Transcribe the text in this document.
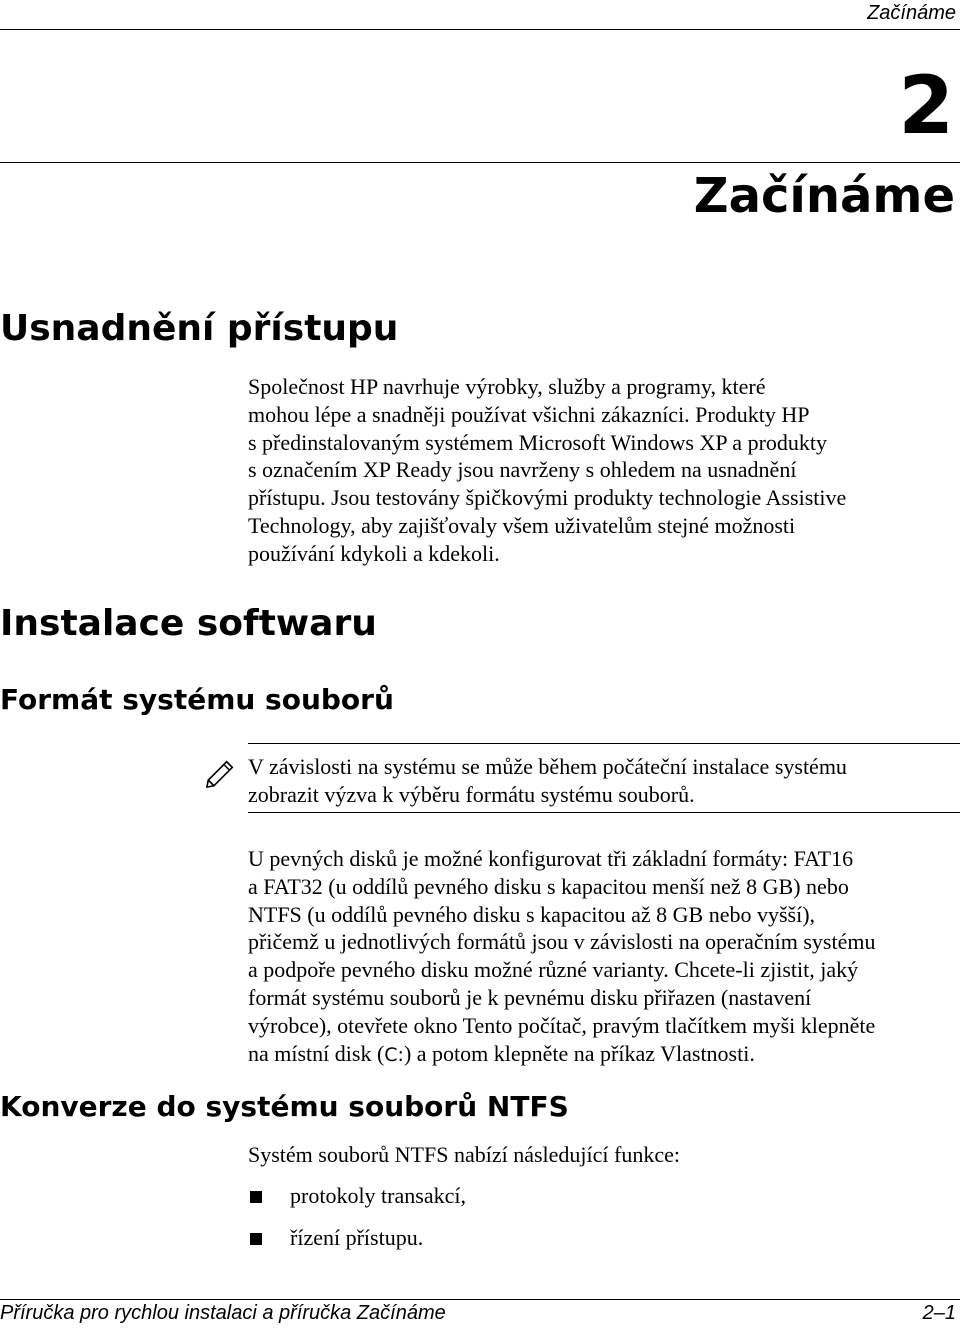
Začínáme
2
Začínáme
Usnadnění přístupu
Společnost HP navrhuje výrobky, služby a programy, které
mohou lépe a snadněji používat všichni zákazníci. Produkty HP
s předinstalovaným systémem Microsoft Windows XP a produkty
s označením XP Ready jsou navrženy s ohledem na usnadnění
přístupu. Jsou testovány špičkovými produkty technologie Assistive
Technology, aby zajišťovaly všem uživatelům stejné možnosti
používání kdykoli a kdekoli.
Instalace softwaru
Formát systému souborů
V závislosti na systému se může během počáteční instalace systému
zobrazit výzva k výběru formátu systému souborů.
U pevných disků je možné konfigurovat tři základní formáty: FAT16
a FAT32 (u oddílů pevného disku s kapacitou menší než 8 GB) nebo
NTFS (u oddílů pevného disku s kapacitou až 8 GB nebo vyšší),
přičemž u jednotlivých formátů jsou v závislosti na operačním systému
a podpoře pevného disku možné různé varianty. Chcete-li zjistit, jaký
formát systému souborů je k pevnému disku přiřazen (nastavení
výrobce), otevřete okno Tento počítač, pravým tlačítkem myši klepněte
na místní disk (C:) a potom klepněte na příkaz Vlastnosti.
Konverze do systému souborů NTFS
Systém souborů NTFS nabízí následující funkce:
protokoly transakcí,
řízení přístupu.
Příručka pro rychlou instalaci a příručka Začínáme	2–1
